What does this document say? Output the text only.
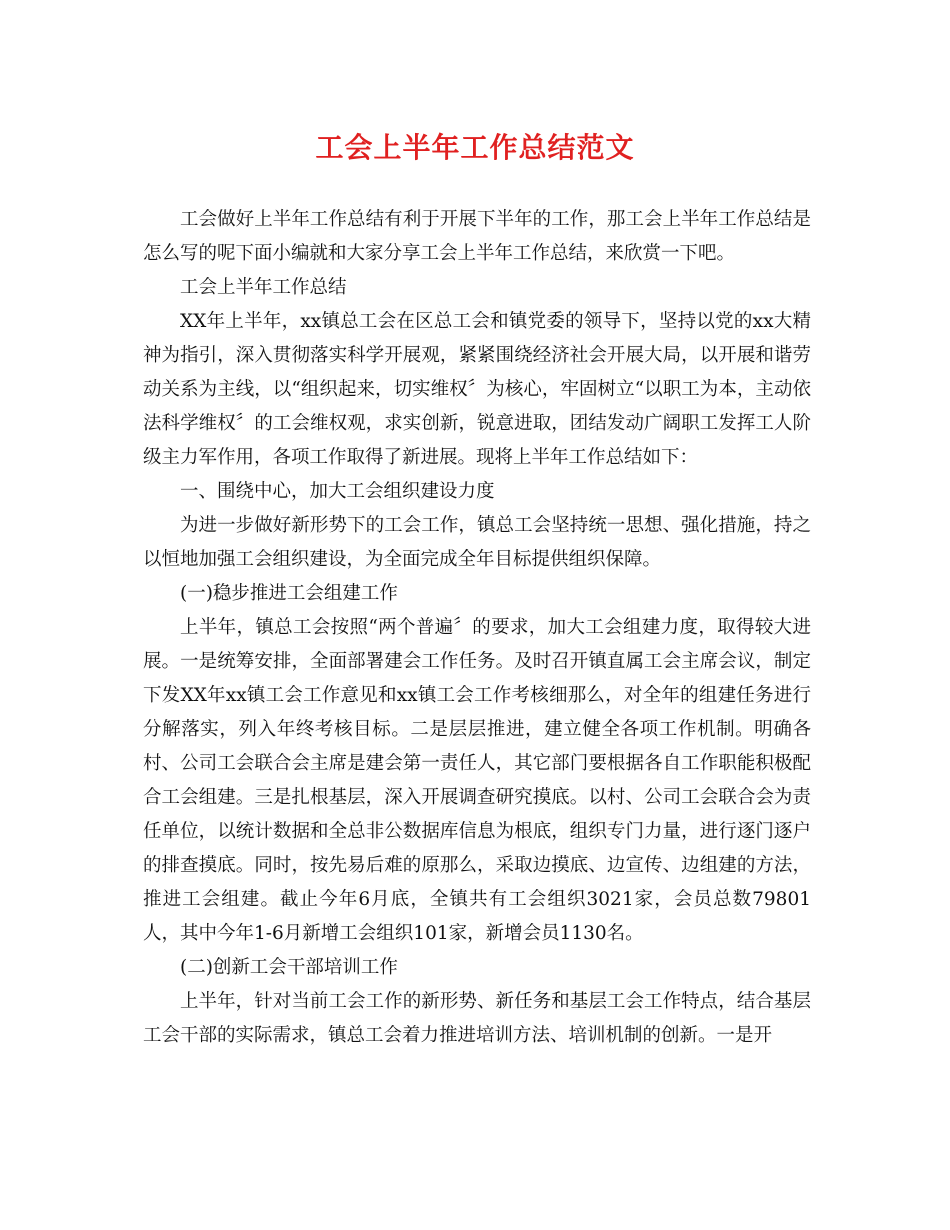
工会上半年工作总结范文

工会做好上半年工作总结有利于开展下半年的工作，那工会上半年工作总结是怎么写的呢下面小编就和大家分享工会上半年工作总结，来欣赏一下吧。

工会上半年工作总结

XX年上半年，xx镇总工会在区总工会和镇党委的领导下，坚持以党的xx大精神为指引，深入贯彻落实科学开展观，紧紧围绕经济社会开展大局，以开展和谐劳动关系为主线，以“组织起来，切实维权〞为核心，牢固树立“以职工为本，主动依法科学维权〞的工会维权观，求实创新，锐意进取，团结发动广阔职工发挥工人阶级主力军作用，各项工作取得了新进展。现将上半年工作总结如下：

一、围绕中心，加大工会组织建设力度

为进一步做好新形势下的工会工作，镇总工会坚持统一思想、强化措施，持之以恒地加强工会组织建设，为全面完成全年目标提供组织保障。

(一)稳步推进工会组建工作

上半年，镇总工会按照“两个普遍〞的要求，加大工会组建力度，取得较大进展。一是统筹安排，全面部署建会工作任务。及时召开镇直属工会主席会议，制定下发XX年xx镇工会工作意见和xx镇工会工作考核细那么，对全年的组建任务进行分解落实，列入年终考核目标。二是层层推进，建立健全各项工作机制。明确各村、公司工会联合会主席是建会第一责任人，其它部门要根据各自工作职能积极配合工会组建。三是扎根基层，深入开展调查研究摸底。以村、公司工会联合会为责任单位，以统计数据和全总非公数据库信息为根底，组织专门力量，进行逐门逐户的排查摸底。同时，按先易后难的原那么，采取边摸底、边宣传、边组建的方法，推进工会组建。截止今年6月底，全镇共有工会组织3021家，会员总数79801人，其中今年1-6月新增工会组织101家，新增会员1130名。

(二)创新工会干部培训工作

上半年，针对当前工会工作的新形势、新任务和基层工会工作特点，结合基层工会干部的实际需求，镇总工会着力推进培训方法、培训机制的创新。一是开
